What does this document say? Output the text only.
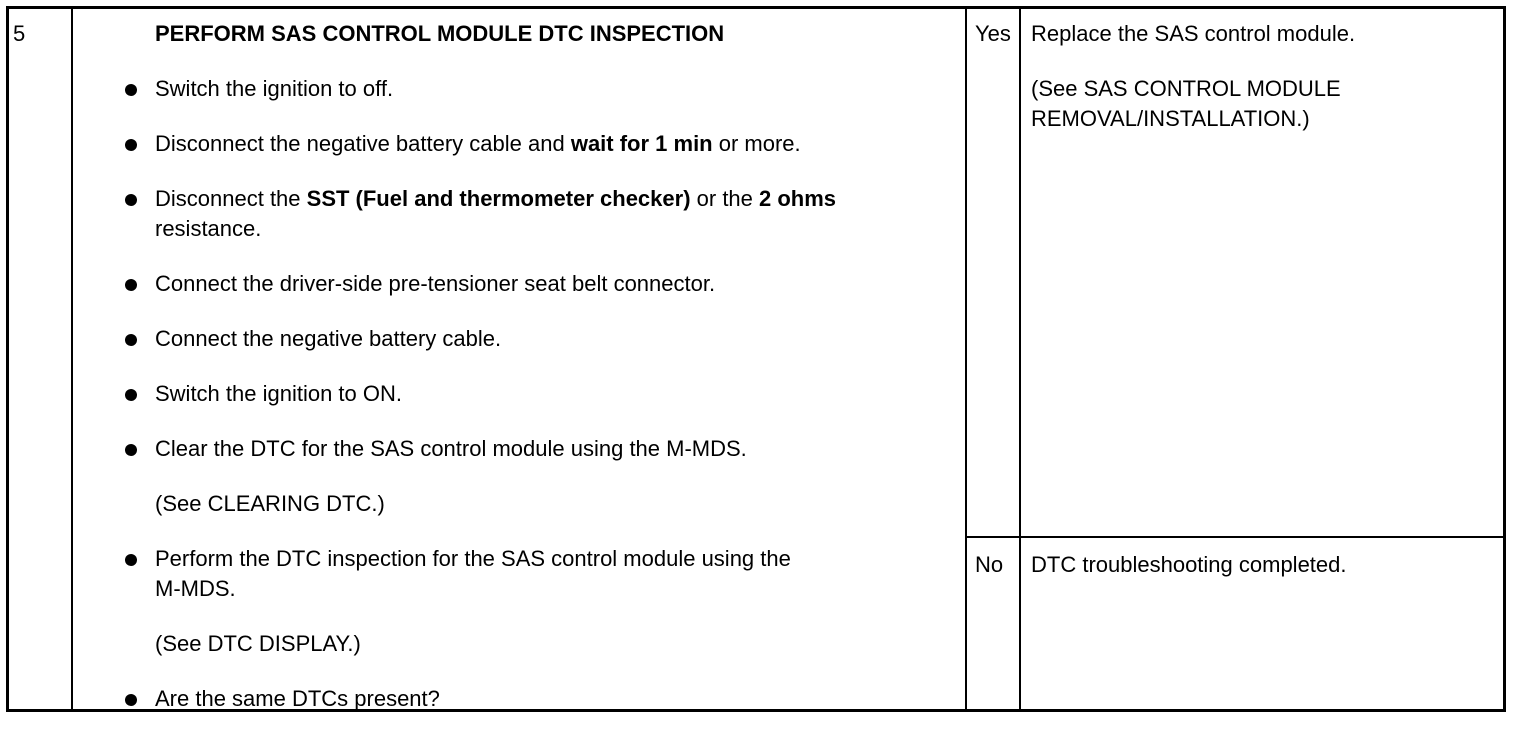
5	PERFORM SAS CONTROL MODULE DTC INSPECTION
Switch the ignition to off.
Disconnect the negative battery cable and wait for 1 min or more.
Disconnect the SST (Fuel and thermometer checker) or the 2 ohms
resistance.
Connect the driver-side pre-tensioner seat belt connector.
Connect the negative battery cable.
Switch the ignition to ON.
Clear the DTC for the SAS control module using the M-MDS.
(See CLEARING DTC.)
Perform the DTC inspection for the SAS control module using the
M-MDS.
(See DTC DISPLAY.)
Are the same DTCs present?
Yes Replace the SAS control module.
(See SAS CONTROL MODULE REMOVAL/INSTALLATION.)
No DTC troubleshooting completed.
